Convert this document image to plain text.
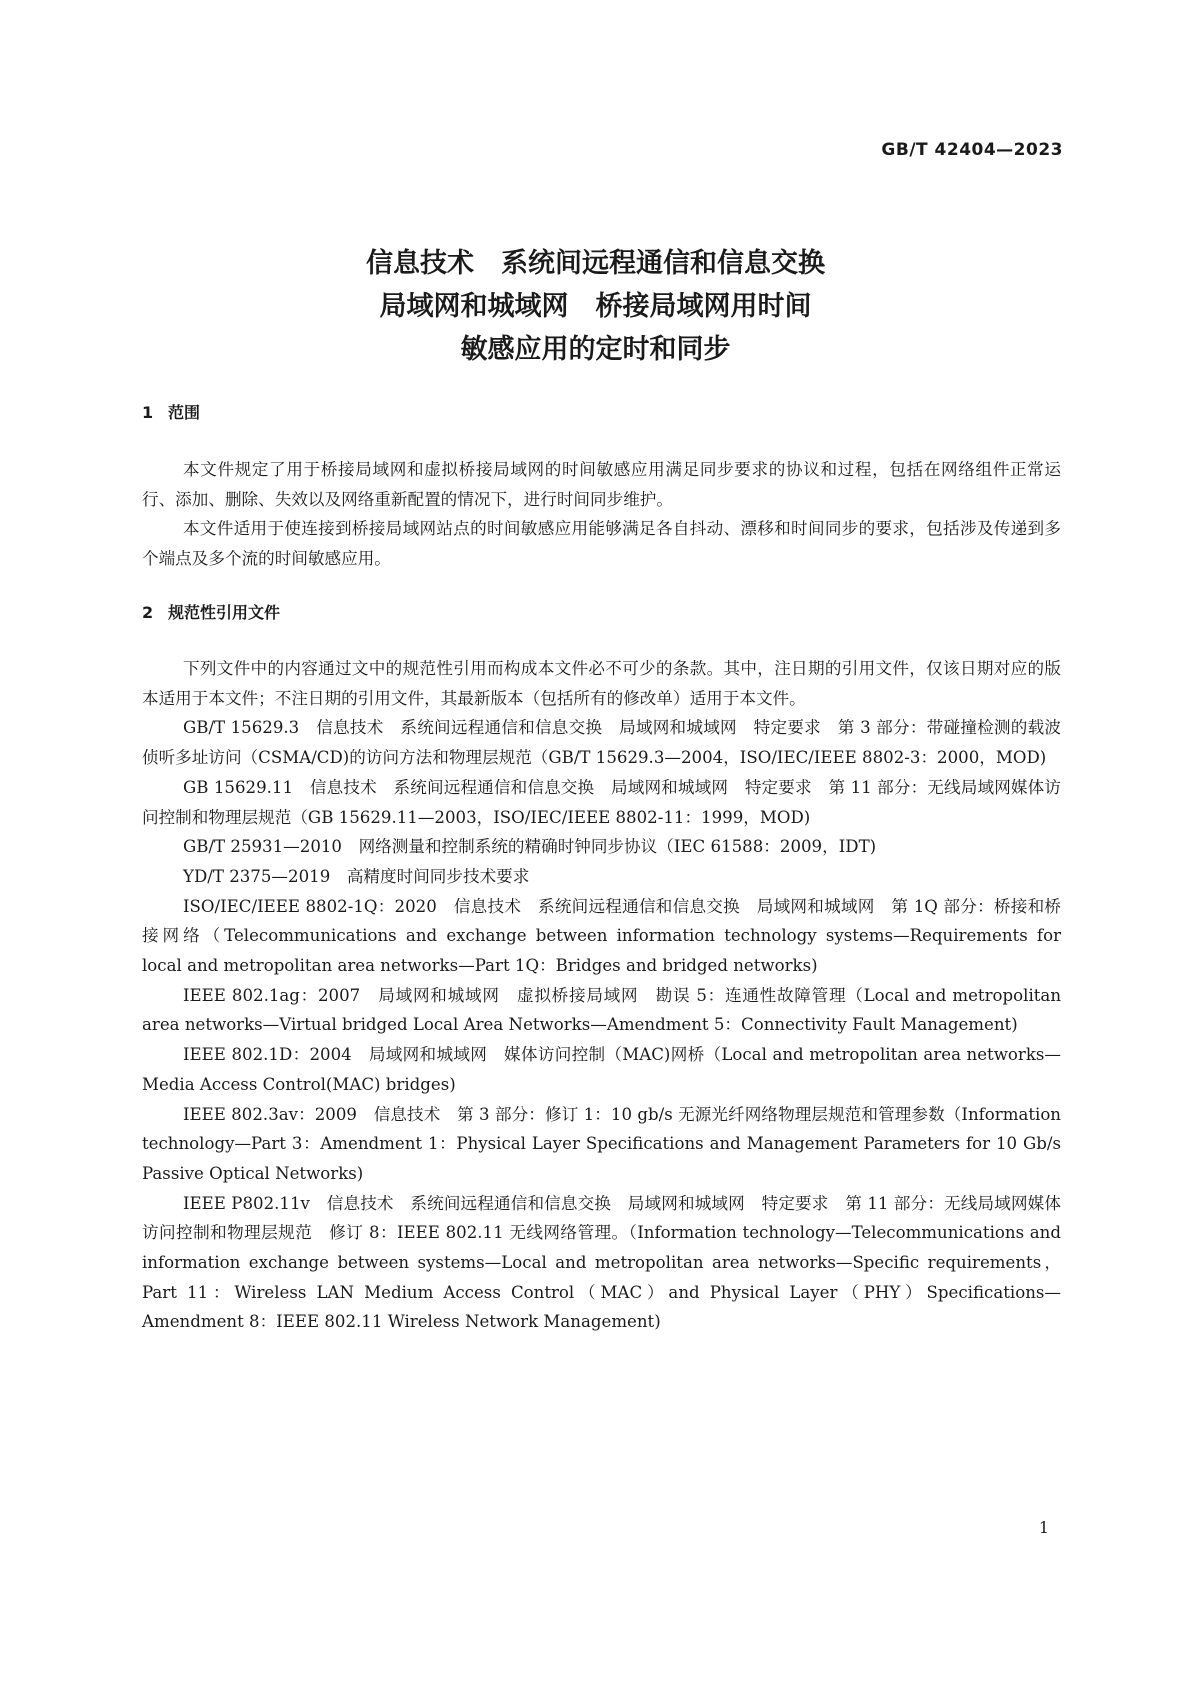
GB/T 42404—2023
信息技术　系统间远程通信和信息交换
局域网和城域网　桥接局域网用时间
敏感应用的定时和同步
1 范围

本文件规定了用于桥接局域网和虚拟桥接局域网的时间敏感应用满足同步要求的协议和过程，包括在网络组件正常运行、添加、删除、失效以及网络重新配置的情况下，进行时间同步维护。

本文件适用于使连接到桥接局域网站点的时间敏感应用能够满足各自抖动、漂移和时间同步的要求，包括涉及传递到多个端点及多个流的时间敏感应用。

2 规范性引用文件

下列文件中的内容通过文中的规范性引用而构成本文件必不可少的条款。其中，注日期的引用文件，仅该日期对应的版本适用于本文件；不注日期的引用文件，其最新版本（包括所有的修改单）适用于本文件。

GB/T 15629.3　信息技术　系统间远程通信和信息交换　局域网和城域网　特定要求　第 3 部分：带碰撞检测的载波侦听多址访问（CSMA/CD)的访问方法和物理层规范（GB/T 15629.3—2004，ISO/IEC/IEEE 8802-3：2000，MOD)

GB 15629.11　信息技术　系统间远程通信和信息交换　局域网和城域网　特定要求　第 11 部分：无线局域网媒体访问控制和物理层规范（GB 15629.11—2003，ISO/IEC/IEEE 8802-11：1999，MOD)

GB/T 25931—2010　网络测量和控制系统的精确时钟同步协议（IEC 61588：2009，IDT)

YD/T 2375—2019　高精度时间同步技术要求

ISO/IEC/IEEE 8802-1Q：2020　信息技术　系统间远程通信和信息交换　局域网和城域网　第 1Q 部分：桥接和桥接网络（Telecommunications and exchange between information technology systems—Requirements for local and metropolitan area networks—Part 1Q：Bridges and bridged networks)

IEEE 802.1ag：2007　局域网和城域网　虚拟桥接局域网　勘误 5：连通性故障管理（Local and metropolitan area networks—Virtual bridged Local Area Networks—Amendment 5：Connectivity Fault Management)

IEEE 802.1D：2004　局域网和城域网　媒体访问控制（MAC)网桥（Local and metropolitan area networks—Media Access Control(MAC) bridges)

IEEE 802.3av：2009　信息技术　第 3 部分：修订 1：10 gb/s 无源光纤网络物理层规范和管理参数（Information technology—Part 3：Amendment 1：Physical Layer Specifications and Management Parameters for 10 Gb/s Passive Optical Networks)

IEEE P802.11v　信息技术　系统间远程通信和信息交换　局域网和城域网　特定要求　第 11 部分：无线局域网媒体访问控制和物理层规范　修订 8：IEEE 802.11 无线网络管理。（Information technology—Telecommunications and information exchange between systems—Local and metropolitan area networks—Specific requirements，Part 11：Wireless LAN Medium Access Control（MAC）and Physical Layer（PHY）Specifications—Amendment 8：IEEE 802.11 Wireless Network Management)

1
